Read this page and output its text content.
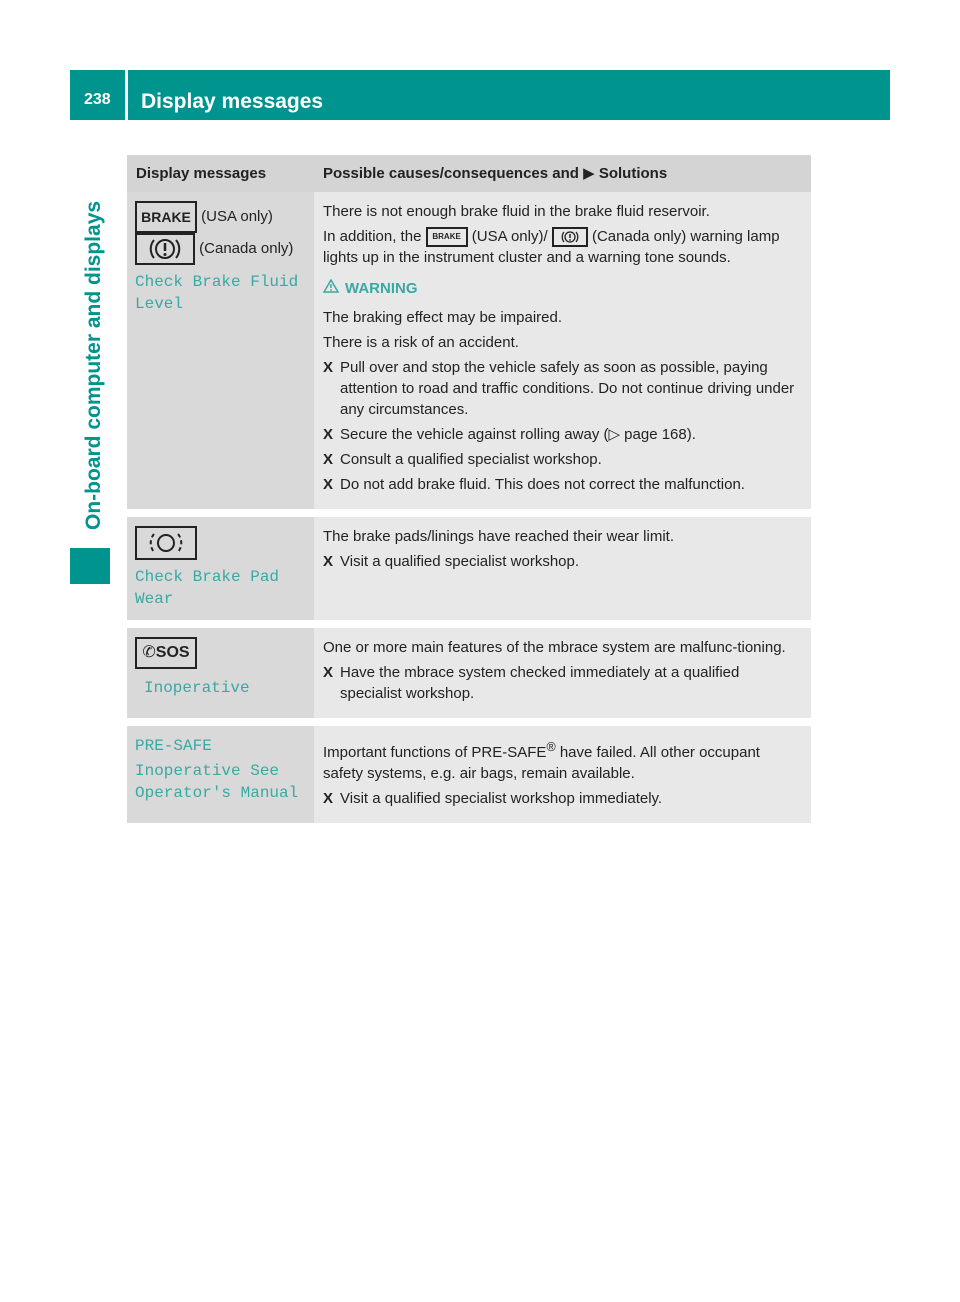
238 Display messages
On-board computer and displays
Display messages	Possible causes/consequences and ▶ Solutions
BRAKE (USA only)  (Canada only)
Check Brake Fluid
Level

There is not enough brake fluid in the brake fluid reservoir.

In addition, the BRAKE (USA only)/	(Canada only) warning lamp lights up in the instrument cluster and a warning tone sounds.

WARNING

The braking effect may be impaired.

There is a risk of an accident.

X Pull over and stop the vehicle safely as soon as possible, paying attention to road and traffic conditions. Do not continue driving under any circumstances.
X Secure the vehicle against rolling away (▷ page 168).
X Consult a qualified specialist workshop.
X Do not add brake fluid. This does not correct the malfunction.
Check Brake Pad
Wear

The brake pads/linings have reached their wear limit.

X Visit a qualified specialist workshop.
✆SOS
Inoperative

One or more main features of the mbrace system are malfunc-tioning.

X Have the mbrace system checked immediately at a qualified specialist workshop.
PRE-SAFE
Inoperative See
Operator's Manual

Important functions of PRE-SAFE® have failed. All other occupant safety systems, e.g. air bags, remain available.

X Visit a qualified specialist workshop immediately.
